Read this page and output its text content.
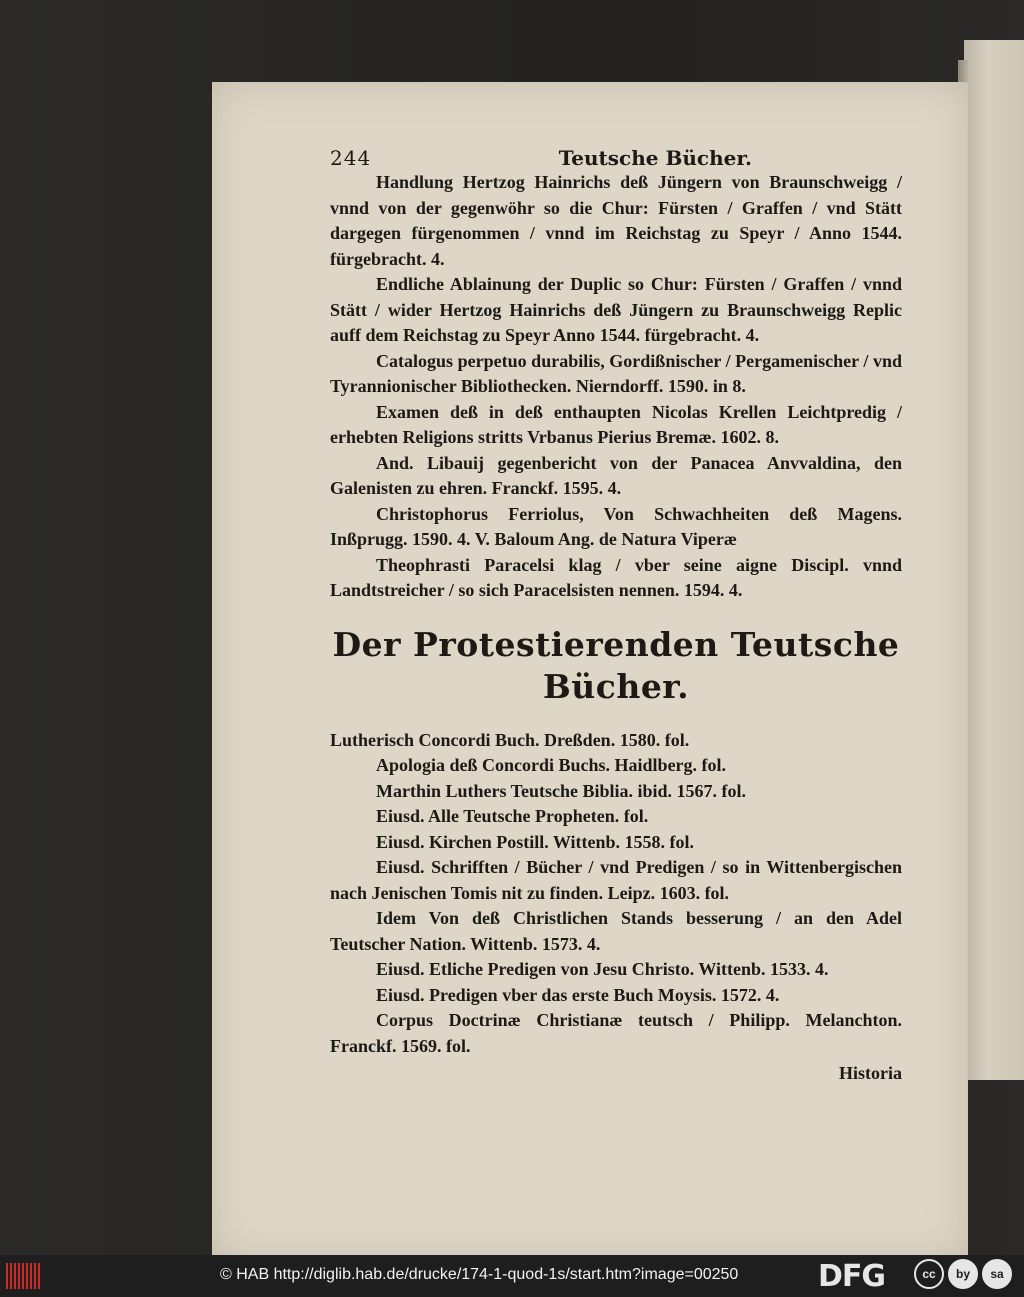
244	Teutsche Bücher.
Handlung Hertzog Hainrichs deß Jüngern von Braunschweigg / vnnd von der gegenwöhr so die Chur: Fürsten / Graffen / vnd Stätt dargegen fürgenommen / vnnd im Reichstag zu Speyr / Anno 1544. fürgebracht. 4.
Endliche Ablainung der Duplic so Chur: Fürsten / Graffen / vnnd Stätt / wider Hertzog Hainrichs deß Jüngern zu Braunschweigg Replic auff dem Reichstag zu Speyr Anno 1544. fürgebracht. 4.
Catalogus perpetuo durabilis, Gordißnischer / Pergamenischer / vnd Tyrannionischer Bibliothecken. Nierndorff. 1590. in 8.
Examen deß in deß enthaupten Nicolas Krellen Leichtpredig / erhebten Religions stritts Vrbanus Pierius Bremæ. 1602. 8.
And. Libauij gegenbericht von der Panacea Anvvaldina, den Galenisten zu ehren. Franckf. 1595. 4.
Christophorus Ferriolus, Von Schwachheiten deß Magens. Inßprugg. 1590. 4. V. Baloum Ang. de Natura Viperæ
Theophrasti Paracelsi klag / vber seine aigne Discipl. vnnd Landtstreicher / so sich Paracelsisten nennen. 1594. 4.
Der Protestierenden Teutsche
Bücher.
Lutherisch Concordi Buch. Dreßden. 1580. fol.
Apologia deß Concordi Buchs. Haidlberg. fol.
Marthin Luthers Teutsche Biblia. ibid. 1567. fol.
Eiusd. Alle Teutsche Propheten. fol.
Eiusd. Kirchen Postill. Wittenb. 1558. fol.
Eiusd. Schrifften / Bücher / vnd Predigen / so in Wittenbergischen nach Jenischen Tomis nit zu finden. Leipz. 1603. fol.
Idem Von deß Christlichen Stands besserung / an den Adel Teutscher Nation. Wittenb. 1573. 4.
Eiusd. Etliche Predigen von Jesu Christo. Wittenb. 1533. 4.
Eiusd. Predigen vber das erste Buch Moysis. 1572. 4.
Corpus Doctrinæ Christianæ teutsch / Philipp. Melanchton. Franckf. 1569. fol.
Historia
© HAB http://diglib.hab.de/drucke/174-1-quod-1s/start.htm?image=00250	DFG	cc	by	sa
